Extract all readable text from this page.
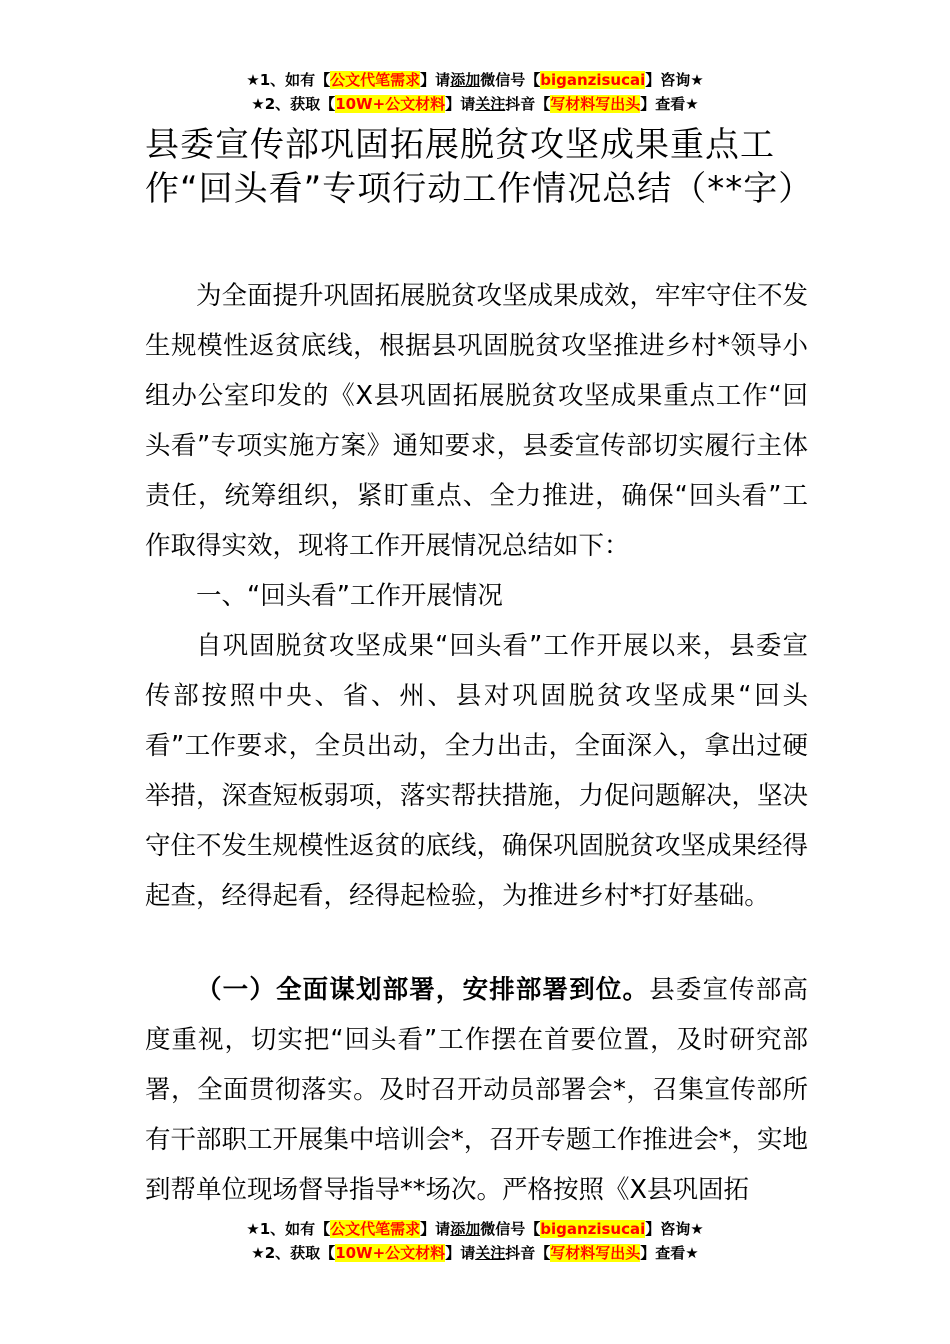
★1、如有【公文代笔需求】请添加微信号【biganzisucai】咨询★
★2、获取【10W+公文材料】请关注抖音【写材料写出头】查看★
县委宣传部巩固拓展脱贫攻坚成果重点工作“回头看”专项行动工作情况总结（**字）

为全面提升巩固拓展脱贫攻坚成果成效，牢牢守住不发生规模性返贫底线，根据县巩固脱贫攻坚推进乡村*领导小组办公室印发的《X县巩固拓展脱贫攻坚成果重点工作“回头看”专项实施方案》通知要求，县委宣传部切实履行主体责任，统筹组织，紧盯重点、全力推进，确保“回头看”工作取得实效，现将工作开展情况总结如下：

一、“回头看”工作开展情况

自巩固脱贫攻坚成果“回头看”工作开展以来，县委宣传部按照中央、省、州、县对巩固脱贫攻坚成果“回头看”工作要求，全员出动，全力出击，全面深入，拿出过硬举措，深查短板弱项，落实帮扶措施，力促问题解决，坚决守住不发生规模性返贫的底线，确保巩固脱贫攻坚成果经得起查，经得起看，经得起检验，为推进乡村*打好基础。

（一）全面谋划部署，安排部署到位。县委宣传部高度重视，切实把“回头看”工作摆在首要位置，及时研究部署，全面贯彻落实。及时召开动员部署会*，召集宣传部所有干部职工开展集中培训会*，召开专题工作推进会*，实地到帮单位现场督导指导**场次。严格按照《X县巩固拓

★1、如有【公文代笔需求】请添加微信号【biganzisucai】咨询★
★2、获取【10W+公文材料】请关注抖音【写材料写出头】查看★
